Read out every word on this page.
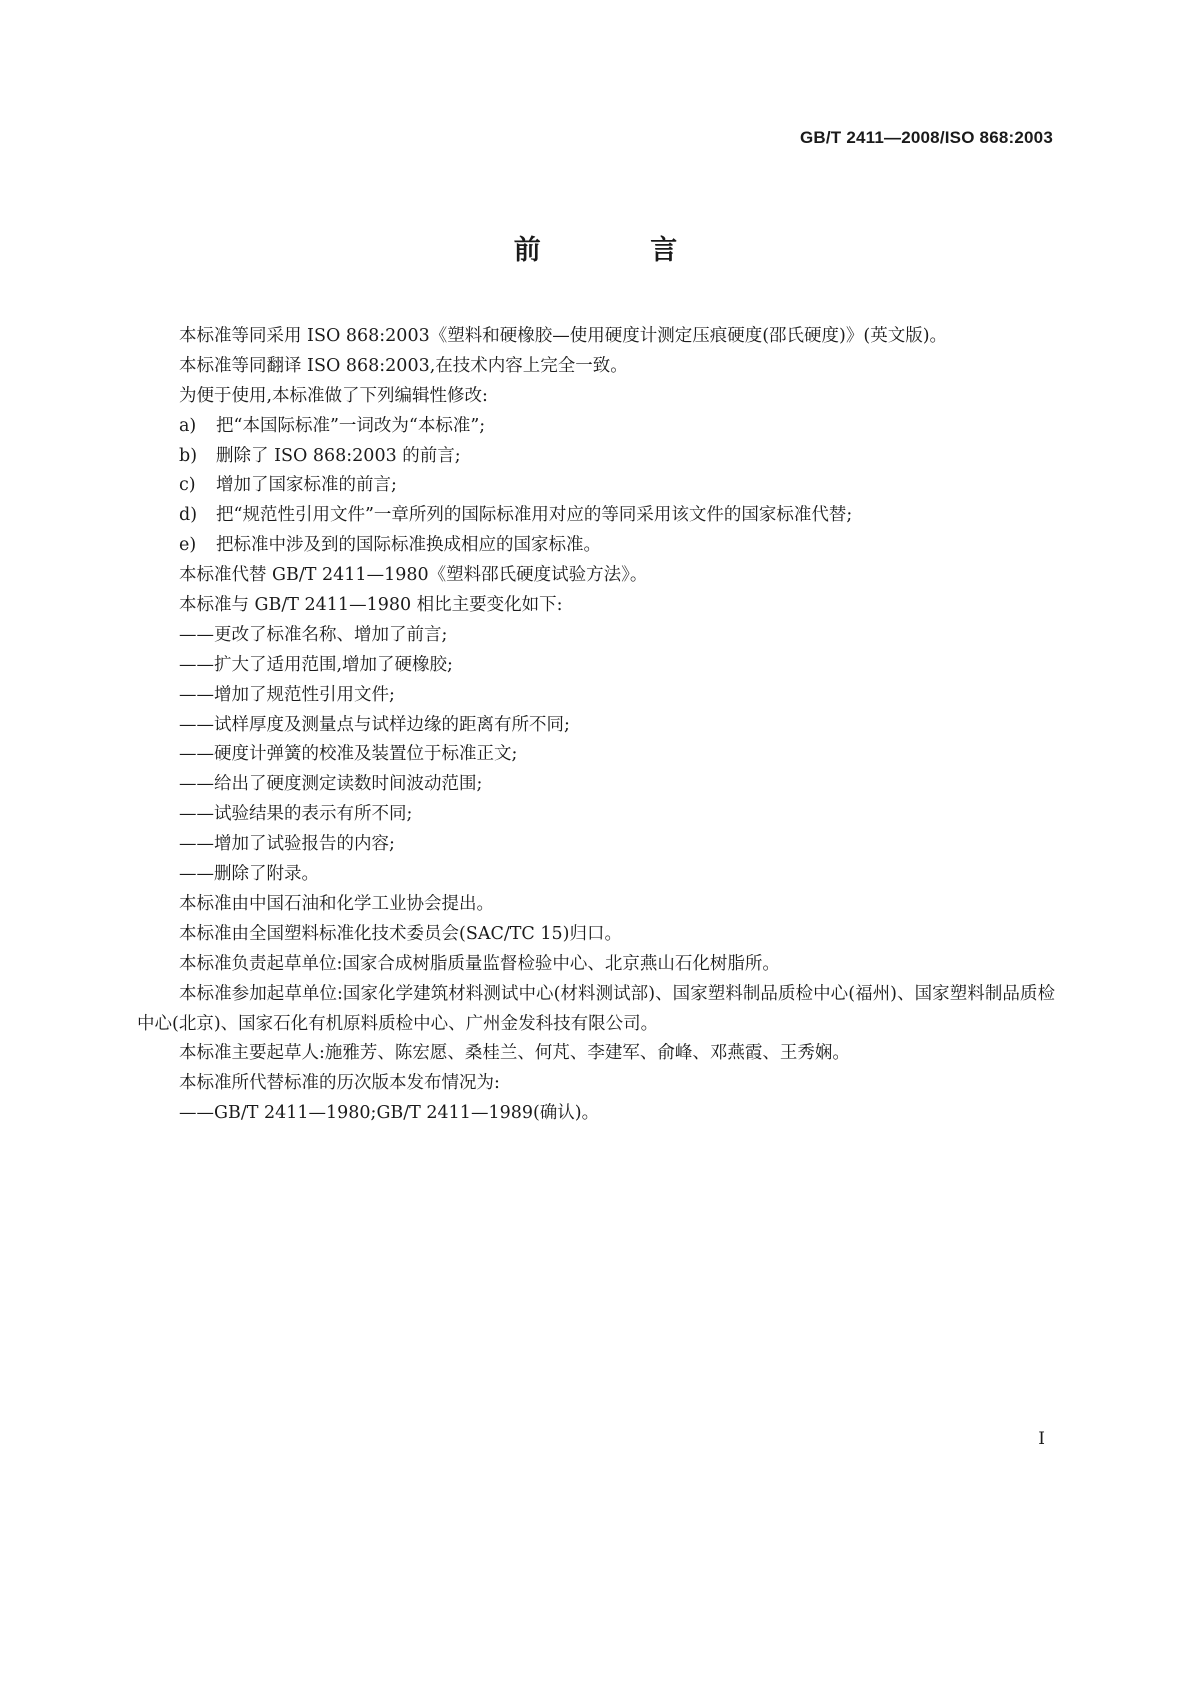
GB/T 2411—2008/ISO 868:2003
前 言
本标准等同采用 ISO 868:2003《塑料和硬橡胶—使用硬度计测定压痕硬度(邵氏硬度)》(英文版)。
本标准等同翻译 ISO 868:2003,在技术内容上完全一致。
为便于使用,本标准做了下列编辑性修改:
a) 把“本国际标准”一词改为“本标准”;
b) 删除了 ISO 868:2003 的前言;
c) 增加了国家标准的前言;
d) 把“规范性引用文件”一章所列的国际标准用对应的等同采用该文件的国家标准代替;
e) 把标准中涉及到的国际标准换成相应的国家标准。
本标准代替 GB/T 2411—1980《塑料邵氏硬度试验方法》。
本标准与 GB/T 2411—1980 相比主要变化如下:
——更改了标准名称、增加了前言;
——扩大了适用范围,增加了硬橡胶;
——增加了规范性引用文件;
——试样厚度及测量点与试样边缘的距离有所不同;
——硬度计弹簧的校准及装置位于标准正文;
——给出了硬度测定读数时间波动范围;
——试验结果的表示有所不同;
——增加了试验报告的内容;
——删除了附录。
本标准由中国石油和化学工业协会提出。
本标准由全国塑料标准化技术委员会(SAC/TC 15)归口。
本标准负责起草单位:国家合成树脂质量监督检验中心、北京燕山石化树脂所。
本标准参加起草单位:国家化学建筑材料测试中心(材料测试部)、国家塑料制品质检中心(福州)、国家塑料制品质检中心(北京)、国家石化有机原料质检中心、广州金发科技有限公司。
本标准主要起草人:施雅芳、陈宏愿、桑桂兰、何芃、李建军、俞峰、邓燕霞、王秀娴。
本标准所代替标准的历次版本发布情况为:
——GB/T 2411—1980;GB/T 2411—1989(确认)。
I
